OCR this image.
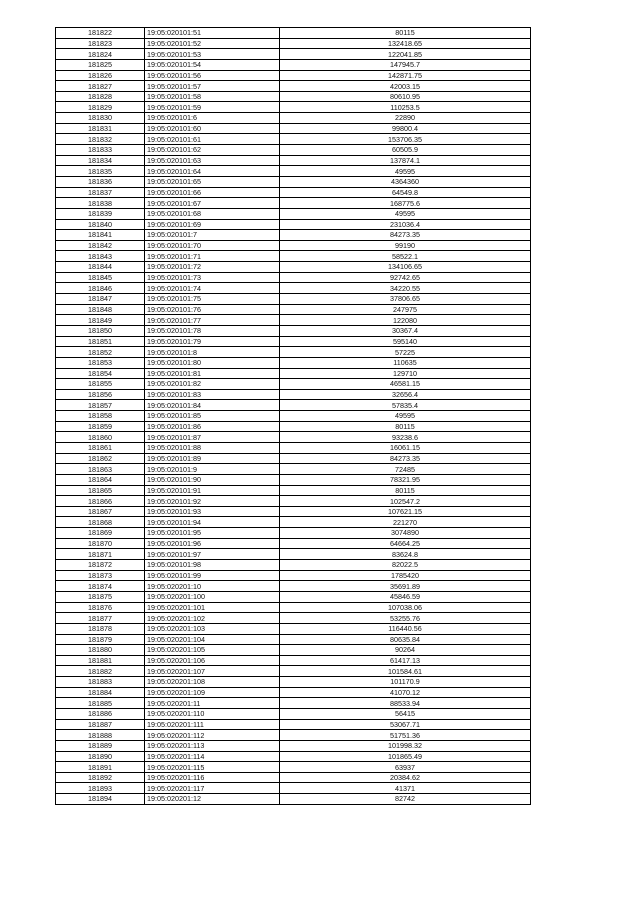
181822	19:05:020101:51	80115
181823	19:05:020101:52	132418.65
181824	19:05:020101:53	122041.85
181825	19:05:020101:54	147945.7
181826	19:05:020101:56	142871.75
181827	19:05:020101:57	42003.15
181828	19:05:020101:58	80610.95
181829	19:05:020101:59	110253.5
181830	19:05:020101:6	22890
181831	19:05:020101:60	99800.4
181832	19:05:020101:61	153706.35
181833	19:05:020101:62	60505.9
181834	19:05:020101:63	137874.1
181835	19:05:020101:64	49595
181836	19:05:020101:65	4364360
181837	19:05:020101:66	64549.8
181838	19:05:020101:67	168775.6
181839	19:05:020101:68	49595
181840	19:05:020101:69	231036.4
181841	19:05:020101:7	84273.35
181842	19:05:020101:70	99190
181843	19:05:020101:71	58522.1
181844	19:05:020101:72	134106.65
181845	19:05:020101:73	92742.65
181846	19:05:020101:74	34220.55
181847	19:05:020101:75	37806.65
181848	19:05:020101:76	247975
181849	19:05:020101:77	122080
181850	19:05:020101:78	30367.4
181851	19:05:020101:79	595140
181852	19:05:020101:8	57225
181853	19:05:020101:80	110635
181854	19:05:020101:81	129710
181855	19:05:020101:82	46581.15
181856	19:05:020101:83	32656.4
181857	19:05:020101:84	57835.4
181858	19:05:020101:85	49595
181859	19:05:020101:86	80115
181860	19:05:020101:87	93238.6
181861	19:05:020101:88	16061.15
181862	19:05:020101:89	84273.35
181863	19:05:020101:9	72485
181864	19:05:020101:90	78321.95
181865	19:05:020101:91	80115
181866	19:05:020101:92	102547.2
181867	19:05:020101:93	107621.15
181868	19:05:020101:94	221270
181869	19:05:020101:95	3074890
181870	19:05:020101:96	64664.25
181871	19:05:020101:97	83624.8
181872	19:05:020101:98	82022.5
181873	19:05:020101:99	1785420
181874	19:05:020201:10	35691.89
181875	19:05:020201:100	45846.59
181876	19:05:020201:101	107038.06
181877	19:05:020201:102	53255.76
181878	19:05:020201:103	116440.56
181879	19:05:020201:104	80635.84
181880	19:05:020201:105	90264
181881	19:05:020201:106	61417.13
181882	19:05:020201:107	101584.61
181883	19:05:020201:108	101170.9
181884	19:05:020201:109	41070.12
181885	19:05:020201:11	88533.94
181886	19:05:020201:110	56415
181887	19:05:020201:111	53067.71
181888	19:05:020201:112	51751.36
181889	19:05:020201:113	101998.32
181890	19:05:020201:114	101865.49
181891	19:05:020201:115	63937
181892	19:05:020201:116	20384.62
181893	19:05:020201:117	41371
181894	19:05:020201:12	82742
